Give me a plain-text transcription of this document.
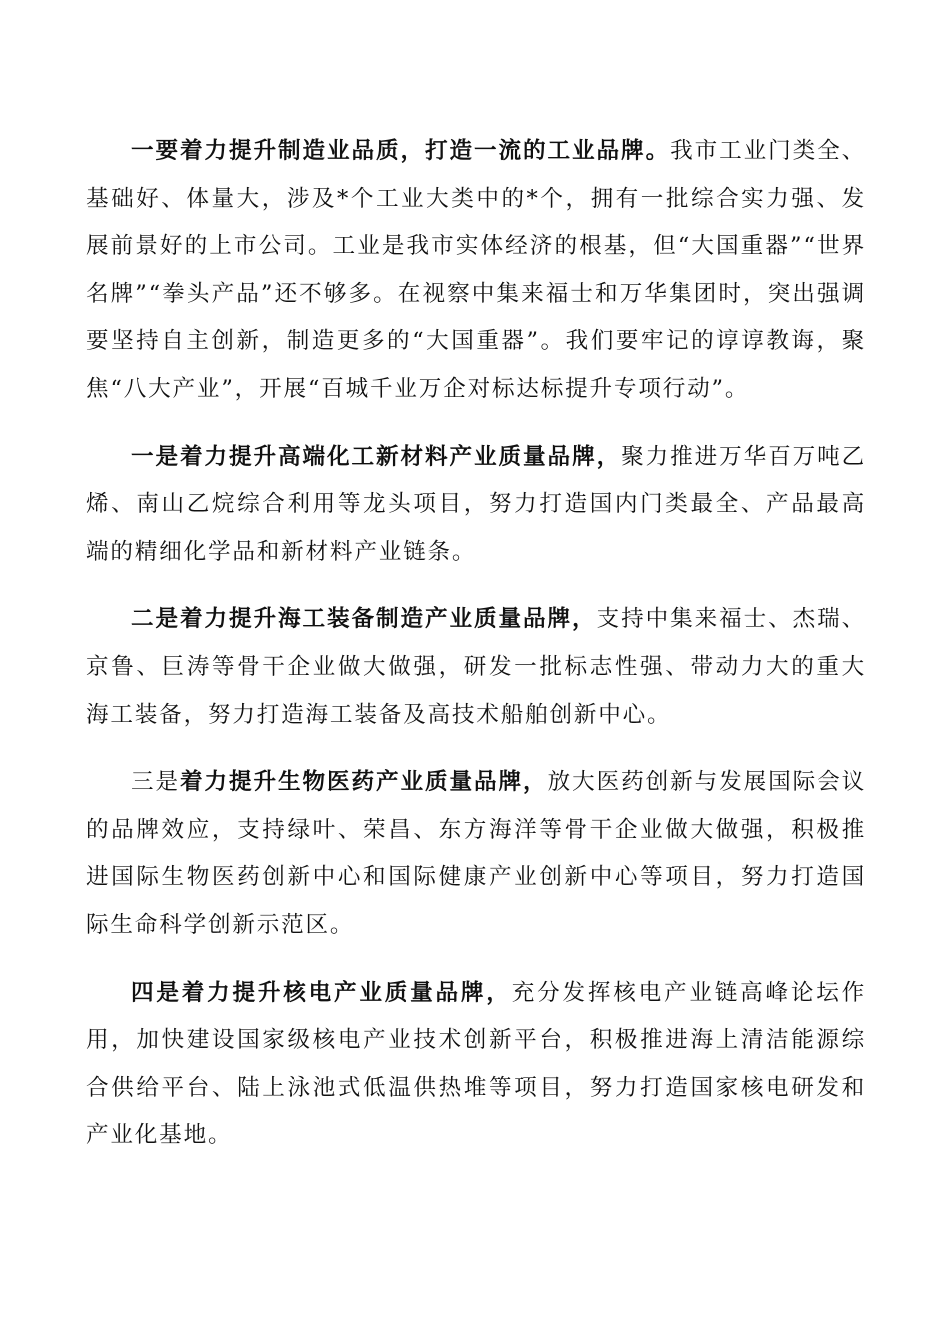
一要着力提升制造业品质，打造一流的工业品牌。我市工业门类全、基础好、体量大，涉及*个工业大类中的*个，拥有一批综合实力强、发展前景好的上市公司。工业是我市实体经济的根基，但“大国重器”“世界名牌”“拳头产品”还不够多。在视察中集来福士和万华集团时，突出强调要坚持自主创新，制造更多的“大国重器”。我们要牢记的谆谆教诲，聚焦“八大产业”，开展“百城千业万企对标达标提升专项行动”。

一是着力提升高端化工新材料产业质量品牌，聚力推进万华百万吨乙烯、南山乙烷综合利用等龙头项目，努力打造国内门类最全、产品最高端的精细化学品和新材料产业链条。

二是着力提升海工装备制造产业质量品牌，支持中集来福士、杰瑞、京鲁、巨涛等骨干企业做大做强，研发一批标志性强、带动力大的重大海工装备，努力打造海工装备及高技术船舶创新中心。

三是着力提升生物医药产业质量品牌，放大医药创新与发展国际会议的品牌效应，支持绿叶、荣昌、东方海洋等骨干企业做大做强，积极推进国际生物医药创新中心和国际健康产业创新中心等项目，努力打造国际生命科学创新示范区。

四是着力提升核电产业质量品牌，充分发挥核电产业链高峰论坛作用，加快建设国家级核电产业技术创新平台，积极推进海上清洁能源综合供给平台、陆上泳池式低温供热堆等项目，努力打造国家核电研发和产业化基地。
